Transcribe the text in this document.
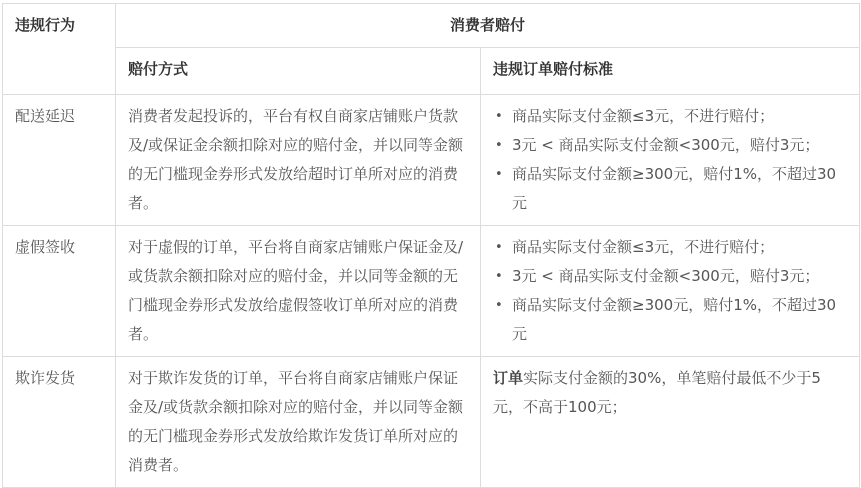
违规行为	消费者赔付	
	赔付方式	违规订单赔付标准
配送延迟	消费者发起投诉的，平台有权自商家店铺账户货款及/或保证金余额扣除对应的赔付金，并以同等金额的无门槛现金券形式发放给超时订单所对应的消费者。	
• 商品实际支付金额≤3元，不进行赔付；
• 3元 < 商品实际支付金额<300元，赔付3元；
• 商品实际支付金额≥300元，赔付1%，不超过30元

虚假签收	对于虚假的订单，平台将自商家店铺账户保证金及/或货款余额扣除对应的赔付金，并以同等金额的无门槛现金券形式发放给虚假签收订单所对应的消费者。	
• 商品实际支付金额≤3元，不进行赔付；
• 3元 < 商品实际支付金额<300元，赔付3元；
• 商品实际支付金额≥300元，赔付1%，不超过30元

欺诈发货	对于欺诈发货的订单，平台将自商家店铺账户保证金及/或货款余额扣除对应的赔付金，并以同等金额的无门槛现金券形式发放给欺诈发货订单所对应的消费者。	订单实际支付金额的30%，单笔赔付最低不少于5元，不高于100元；
